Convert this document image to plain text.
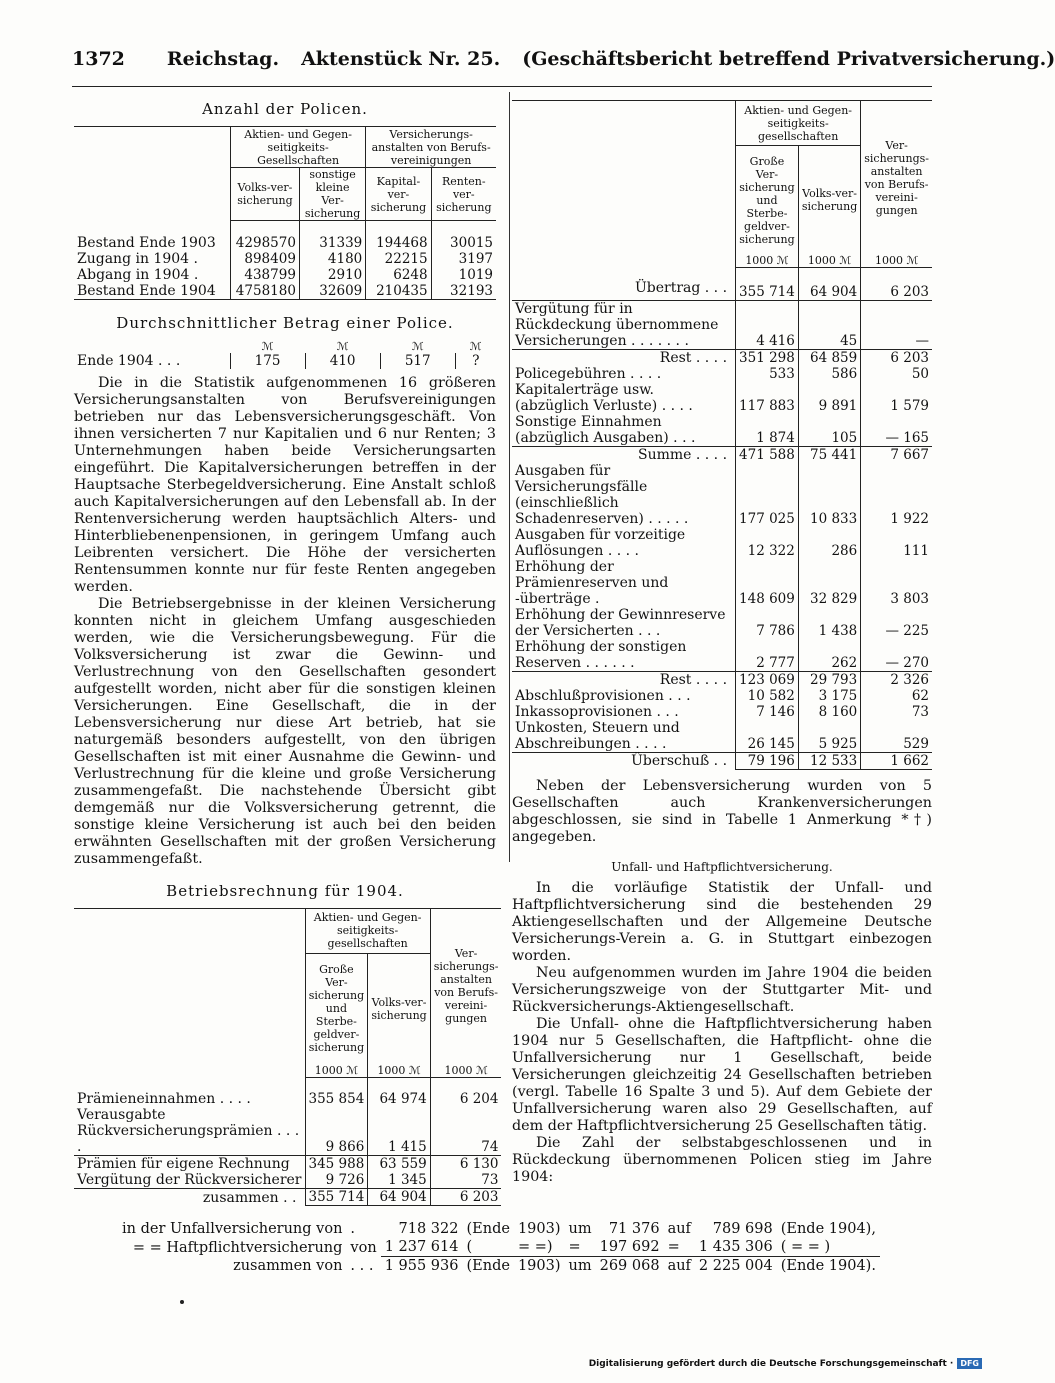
1372 Reichstag. Aktenstück Nr. 25. (Geschäftsbericht betreffend Privatversicherung.)
Anzahl der Policen.
	Aktien- und Gegen-seitigkeits-Gesellschaften		Versicherungs-anstalten von Berufs-vereinigungen	
	Volks-ver-sicherung	sonstige kleine Ver-sicherung	Kapital-ver-sicherung	Renten-ver-sicherung
Bestand Ende 1903	4298570	31339	194468	30015
Zugang in 1904 .	898409	4180	22215	3197
Abgang in 1904 .	438799	2910	6248	1019
Bestand Ende 1904	4758180	32609	210435	32193
Durchschnittlicher Betrag einer Police.
	ℳ	ℳ	ℳ	ℳ
Ende 1904 . . .	175	410	517	?

Die in die Statistik aufgenommenen 16 größeren Versicherungsanstalten von Berufsvereinigungen betrieben nur das Lebensversicherungsgeschäft. Von ihnen versicherten 7 nur Kapitalien und 6 nur Renten; 3 Unternehmungen haben beide Versicherungsarten eingeführt. Die Kapitalversicherungen betreffen in der Hauptsache Sterbegeldversicherung. Eine Anstalt schloß auch Kapitalversicherungen auf den Lebensfall ab. In der Rentenversicherung werden hauptsächlich Alters- und Hinterbliebenenpensionen, in geringem Umfang auch Leibrenten versichert. Die Höhe der versicherten Rentensummen konnte nur für feste Renten angegeben werden.

Die Betriebsergebnisse in der kleinen Versicherung konnten nicht in gleichem Umfang ausgeschieden werden, wie die Versicherungsbewegung. Für die Volksversicherung ist zwar die Gewinn- und Verlustrechnung von den Gesellschaften gesondert aufgestellt worden, nicht aber für die sonstigen kleinen Versicherungen. Eine Gesellschaft, die in der Lebensversicherung nur diese Art betrieb, hat sie naturgemäß besonders aufgestellt, von den übrigen Gesellschaften ist mit einer Ausnahme die Gewinn- und Verlustrechnung für die kleine und große Versicherung zusammengefaßt. Die nachstehende Übersicht gibt demgemäß nur die Volksversicherung getrennt, die sonstige kleine Versicherung ist auch bei den beiden erwähnten Gesellschaften mit der großen Versicherung zusammengefaßt.

Betriebsrechnung für 1904.
	Aktien- und Gegen-seitigkeits-gesellschaften		Ver-sicherungs-anstalten von Berufs-vereini-gungen
	Große Ver-sicherung und Sterbe-geldver-sicherung	Volks-ver-sicherung	
	1000 ℳ	1000 ℳ	1000 ℳ
Prämieneinnahmen . . . .	355 854	64 974	6 204
Verausgabte Rückversicherungsprämien . . . .	9 866	1 415	74
Prämien für eigene Rechnung	345 988	63 559	6 130
Vergütung der Rückversicherer	9 726	1 345	73
zusammen . .	355 714	64 904	6 203
	Aktien- und Gegen-seitigkeits-gesellschaften		Ver-sicherungs-anstalten von Berufs-vereini-gungen
	Große Ver-sicherung und Sterbe-geldver-sicherung	Volks-ver-sicherung	
	1000 ℳ	1000 ℳ	1000 ℳ
Übertrag . . .	355 714	64 904	6 203
Vergütung für in Rückdeckung übernommene Versicherungen . . . . . . .	4 416	45	—
Rest . . . .	351 298	64 859	6 203
Policegebühren . . . .	533	586	50
Kapitalerträge usw. (abzüglich Verluste) . . . .	117 883	9 891	1 579
Sonstige Einnahmen (abzüglich Ausgaben) . . .	1 874	105	— 165
Summe . . . .	471 588	75 441	7 667
Ausgaben für Versicherungsfälle (einschließlich Schadenreserven) . . . . .	177 025	10 833	1 922
Ausgaben für vorzeitige Auflösungen . . . .	12 322	286	111
Erhöhung der Prämienreserven und -überträge .	148 609	32 829	3 803
Erhöhung der Gewinnreserve der Versicherten . . .	7 786	1 438	— 225
Erhöhung der sonstigen Reserven . . . . . .	2 777	262	— 270
Rest . . . .	123 069	29 793	2 326
Abschlußprovisionen . . .	10 582	3 175	62
Inkassoprovisionen . . .	7 146	8 160	73
Unkosten, Steuern und Abschreibungen . . . .	26 145	5 925	529
Überschuß . .	79 196	12 533	1 662

Neben der Lebensversicherung wurden von 5 Gesellschaften auch Krankenversicherungen abgeschlossen, sie sind in Tabelle 1 Anmerkung *†) angegeben.

Unfall- und Haftpflichtversicherung.

In die vorläufige Statistik der Unfall- und Haftpflichtversicherung sind die bestehenden 29 Aktiengesellschaften und der Allgemeine Deutsche Versicherungs-Verein a. G. in Stuttgart einbezogen worden.

Neu aufgenommen wurden im Jahre 1904 die beiden Versicherungszweige von der Stuttgarter Mit- und Rückversicherungs-Aktiengesellschaft.

Die Unfall- ohne die Haftpflichtversicherung haben 1904 nur 5 Gesellschaften, die Haftpflicht- ohne die Unfallversicherung nur 1 Gesellschaft, beide Versicherungen gleichzeitig 24 Gesellschaften betrieben (vergl. Tabelle 16 Spalte 3 und 5). Auf dem Gebiete der Unfallversicherung waren also 29 Gesellschaften, auf dem der Haftpflichtversicherung 25 Gesellschaften tätig.

Die Zahl der selbstabgeschlossenen und in Rückdeckung übernommenen Policen stieg im Jahre 1904:

in der Unfallversicherung von	.	718 322	(Ende	1903)	um	71 376	auf	789 698	(Ende 1904),
= = Haftpflichtversicherung	von	1 237 614	(	= =)	=	197 692	=	1 435 306	( = = )
zusammen von	. . .	1 955 936	(Ende	1903)	um	269 068	auf	2 225 004	(Ende 1904).
Digitalisierung gefördert durch die Deutsche Forschungsgemeinschaft · DFG
